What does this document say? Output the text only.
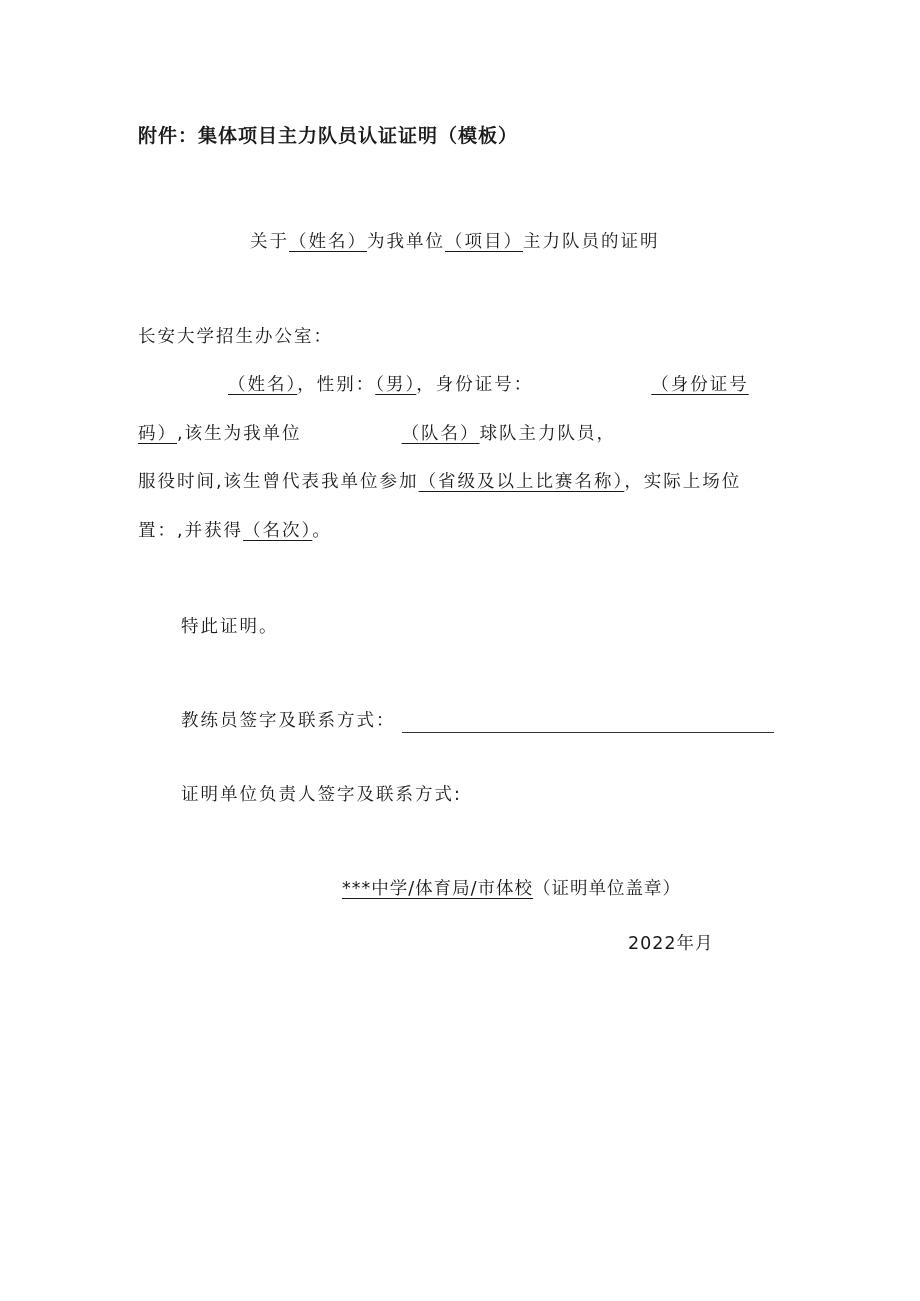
附件：集体项目主力队员认证证明（模板）
关于（姓名）为我单位（项目）主力队员的证明
长安大学招生办公室：
（姓名），性别：（男），身份证号：	（身份证号
码）,该生为我单位	（队名）球队主力队员，
服役时间,该生曾代表我单位参加（省级及以上比赛名称），实际上场位
置：,并获得（名次）。
特此证明。
教练员签字及联系方式：
证明单位负责人签字及联系方式:
***中学/体育局/市体校（证明单位盖章）
2022年月
